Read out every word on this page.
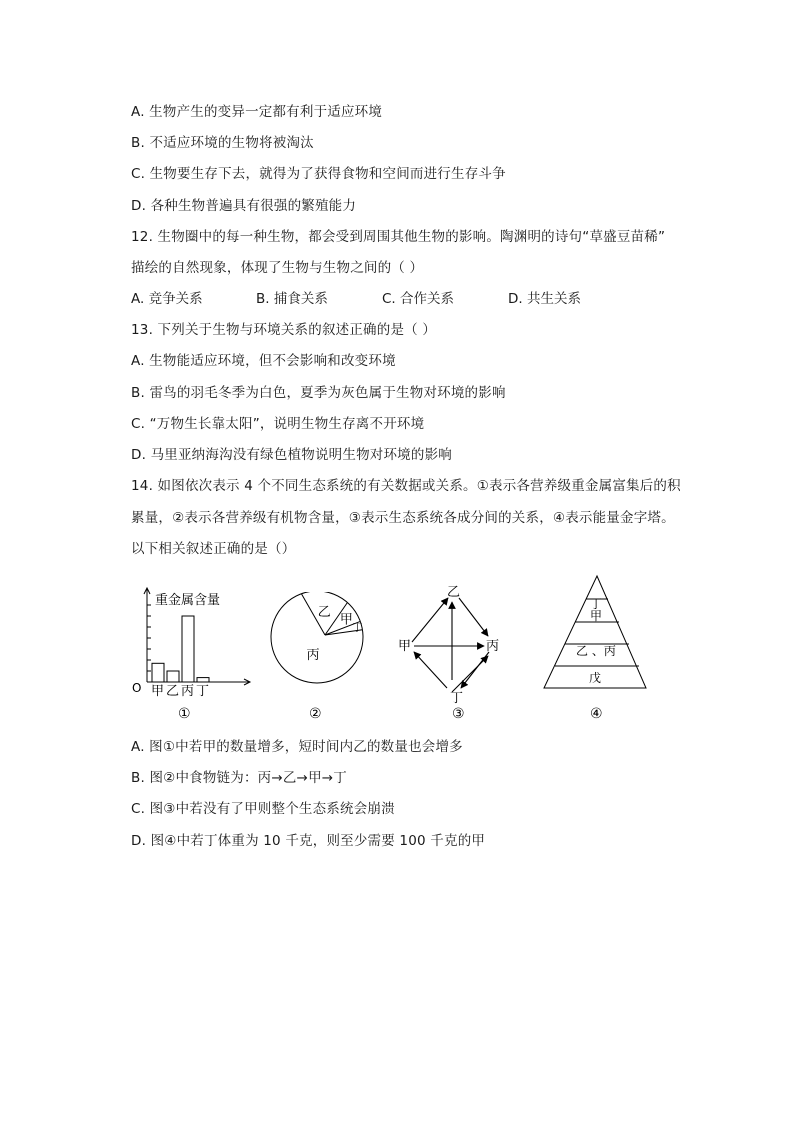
A. 生物产生的变异一定都有利于适应环境
B. 不适应环境的生物将被淘汰
C. 生物要生存下去，就得为了获得食物和空间而进行生存斗争
D. 各种生物普遍具有很强的繁殖能力
12. 生物圈中的每一种生物，都会受到周围其他生物的影响。陶渊明的诗句“草盛豆苗稀”
描绘的自然现象，体现了生物与生物之间的（ ）
A. 竞争关系	B. 捕食关系	C. 合作关系	D. 共生关系
13. 下列关于生物与环境关系的叙述正确的是（ ）
A. 生物能适应环境，但不会影响和改变环境
B. 雷鸟的羽毛冬季为白色，夏季为灰色属于生物对环境的影响
C. “万物生长靠太阳”，说明生物生存离不开环境
D. 马里亚纳海沟没有绿色植物说明生物对环境的影响
14. 如图依次表示 4 个不同生态系统的有关数据或关系。①表示各营养级重金属富集后的积
累量，②表示各营养级有机物含量，③表示生态系统各成分间的关系，④表示能量金字塔。
以下相关叙述正确的是（）
甲 乙 丙 丁
重金属含量
O
①
丙
乙 甲
丁
②
乙
甲	丙
丁
③
丁
甲
乙 、丙
戊
④
A. 图①中若甲的数量增多，短时间内乙的数量也会增多
B. 图②中食物链为：丙→乙→甲→丁
C. 图③中若没有了甲则整个生态系统会崩溃
D. 图④中若丁体重为 10 千克，则至少需要 100 千克的甲
